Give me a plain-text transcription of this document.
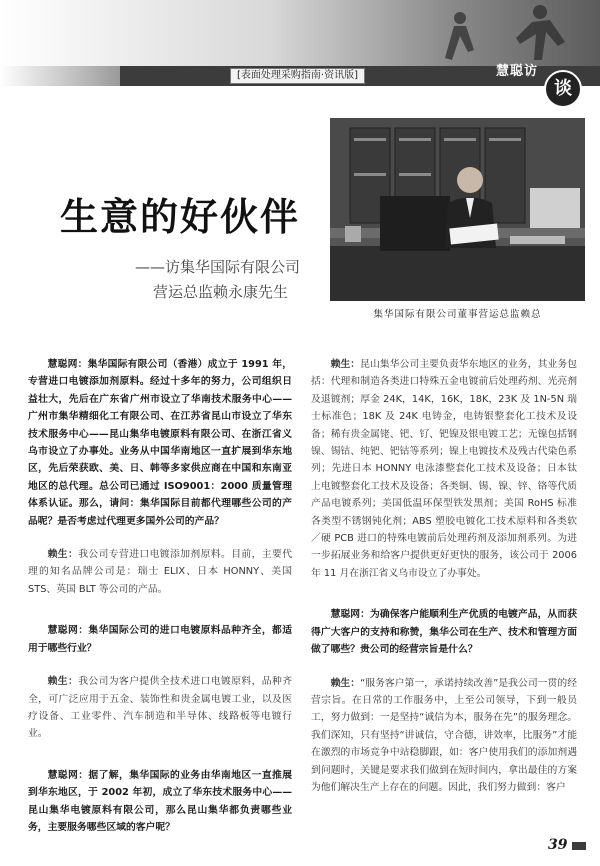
[表面处理采购指南·资讯版]	慧聪访
谈
集华国际有限公司董事营运总监赖总
生意的好伙伴
——访集华国际有限公司
营运总监赖永康先生

慧聪网：集华国际有限公司（香港）成立于 1991 年，专营进口电镀添加剂原料。经过十多年的努力，公司组织日益壮大，先后在广东省广州市设立了华南技术服务中心——广州市集华精细化工有限公司、在江苏省昆山市设立了华东技术服务中心——昆山集华电镀原料有限公司、在浙江省义乌市设立了办事处。业务从中国华南地区一直扩展到华东地区，先后荣获欧、美、日、韩等多家供应商在中国和东南亚地区的总代理。总公司已通过 ISO9001：2000 质量管理体系认证。那么，请问：集华国际目前都代理哪些公司的产品呢？是否考虑过代理更多国外公司的产品？

赖生：我公司专营进口电镀添加剂原料。目前，主要代理的知名品牌公司是：瑞士 ELIX、日本 HONNY、美国 STS、英国 BLT 等公司的产品。

慧聪网：集华国际公司的进口电镀原料品种齐全，都适用于哪些行业？

赖生：我公司为客户提供全技术进口电镀原料，品种齐全，可广泛应用于五金、装饰性和贵金属电镀工业，以及医疗设备、工业零件、汽车制造和半导体、线路板等电镀行业。

慧聪网：据了解，集华国际的业务由华南地区一直推展到华东地区，于 2002 年初，成立了华东技术服务中心——昆山集华电镀原料有限公司，那么昆山集华都负责哪些业务，主要服务哪些区域的客户呢？

赖生：昆山集华公司主要负责华东地区的业务，其业务包括：代理和制造各类进口特殊五金电镀前后处理药剂、光亮剂及退镀剂；厚金 24K，14K，16K，18K，23K 及 1N-5N 瑞士标准色；18K 及 24K 电铸金，电铸银整套化工技术及设备；稀有贵金属铑、钯、钌、钯镍及银电镀工艺；无镍包括钢镍、锡钴、纯钯、钯钴等系列；镍上电镀技术及残古代染色系列；先进日本 HONNY 电泳漆整套化工技术及设备；日本钛上电镀整套化工技术及设备；各类铜、锡、镍、锌、铬等代质产品电镀系列；美国低温环保型铁发黑剂；美国 RoHS 标准各类型不锈钢钝化剂；ABS 塑胶电镀化工技术原料和各类软／硬 PCB 进口的特殊电镀前后处理药剂及添加剂系列。为进一步拓展业务和给客户提供更好更快的服务，该公司于 2006 年 11 月在浙江省义乌市设立了办事处。

慧聪网：为确保客户能顺利生产优质的电镀产品，从而获得广大客户的支持和称赞，集华公司在生产、技术和管理方面做了哪些？贵公司的经营宗旨是什么？

赖生：“服务客户第一，承诺持续改善”是我公司一贯的经营宗旨。在日常的工作服务中，上至公司领导，下到一般员工，努力做到：一是坚持“诚信为本，服务在先”的服务理念。我们深知，只有坚持“讲诚信，守合德，讲效率，比服务”才能在激烈的市场竞争中站稳脚跟，如：客户使用我们的添加剂遇到问题时，关键是要求我们做到在短时间内，拿出最佳的方案为他们解决生产上存在的问题。因此，我们努力做到：客户

39
